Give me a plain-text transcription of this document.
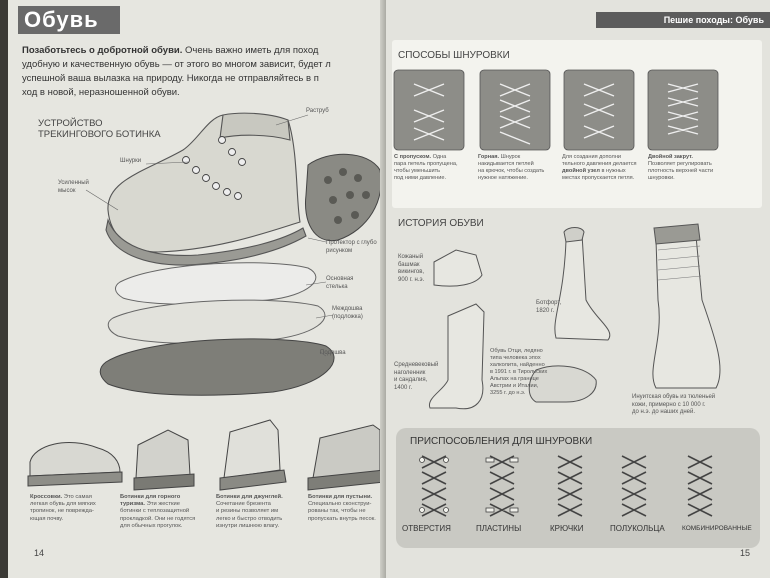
Обувь
Позаботьтесь о добротной обуви. Очень важно иметь для поход
удобную и качественную обувь — от этого во многом зависит, будет л
успешной ваша вылазка на природу. Никогда не отправляйтесь в п
ход в новой, неразношенной обуви.
УСТРОЙСТВО
ТРЕКИНГОВОГО БОТИНКА
Раструб
Шнурки
Усиленный
мысок
Протектор с глубо
рисунком
Основная
стелька
Междошва
(подложка)
Подошва
Кроссовки. Это самая
легкая обувь для мягких
тропинок, не поврежда-
ющая почву.
Ботинки для горного
туризма. Эти жесткие
ботинки с теплозащитной
прокладкой. Они не годятся
для обычных прогулок.
Ботинки для джунглей.
Сочетание брезента
и резины позволяет им
легко и быстро отводить
изнутри лишнюю влагу.
Ботинки для пустыни.
Специально сконструи-
рованы так, чтобы не
пропускать внутрь песок.
14
Пешие походы: Обувь
СПОСОБЫ ШНУРОВКИ
С пропуском. Одна
пара петель пропущена,
чтобы уменьшить
под ними давление.
Горная. Шнурок
накидывается петлей
на крючок, чтобы создать
нужное натяжение.
Для создания дополни
тельного давления делается
двойной узел в нужных
местах пропускается петля.
Двойной закрут.
Позволяет регулировать
плотность верхней части
шнуровки.
ИСТОРИЯ ОБУВИ
Кожаный
башмак
викингов,
900 г. н.э.
Ботфорт,
1820 г.
Средневековый
наголенник
и сандалия,
1400 г.
Обувь Отци, ледяно
типа человека эпох
халколита, найденно
в 1991 г. в Тирольских
Альпах на границе
Австрии и Италии,
3255 г. до н.э.
Инуитская обувь из тюленьей
кожи, примерно с 10 000 г.
до н.э. до наших дней.
ПРИСПОСОБЛЕНИЯ ДЛЯ ШНУРОВКИ
ОТВЕРСТИЯ	ПЛАСТИНЫ	КРЮЧКИ	ПОЛУКОЛЬЦА	КОМБИНИРОВАННЫЕ
15
